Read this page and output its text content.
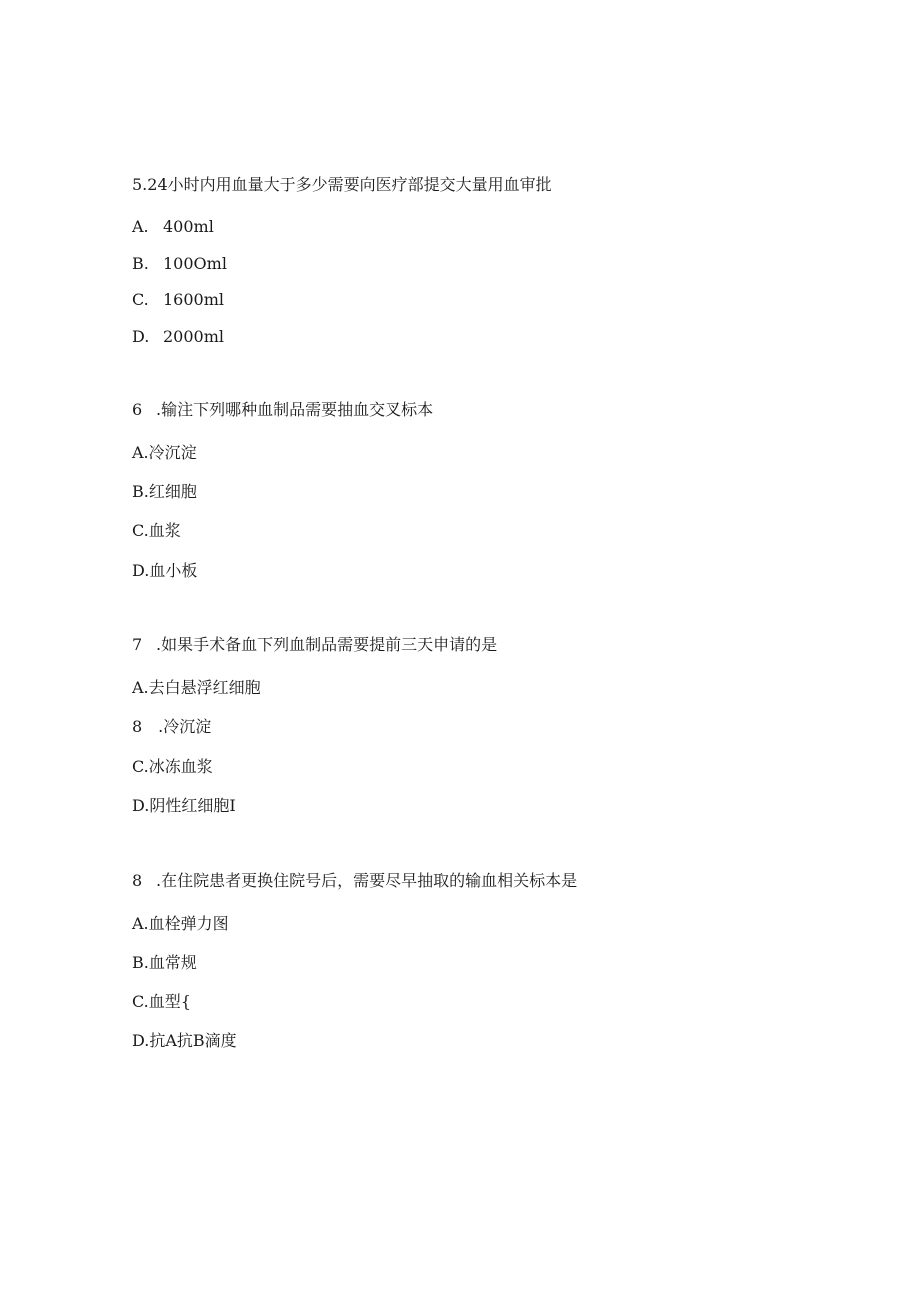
5.24小时内用血量大于多少需要向医疗部提交大量用血审批
A. 400ml
B. 100Oml
C. 1600ml
D. 2000ml
6 .输注下列哪种血制品需要抽血交叉标本
A.冷沉淀
B.红细胞
C.血浆
D.血小板
7 .如果手术备血下列血制品需要提前三天申请的是
A.去白悬浮红细胞
8　.冷沉淀
C.冰冻血浆
D.阴性红细胞I
8 .在住院患者更换住院号后，需要尽早抽取的输血相关标本是
A.血栓弹力图
B.血常规
C.血型{
D.抗A抗B滴度
